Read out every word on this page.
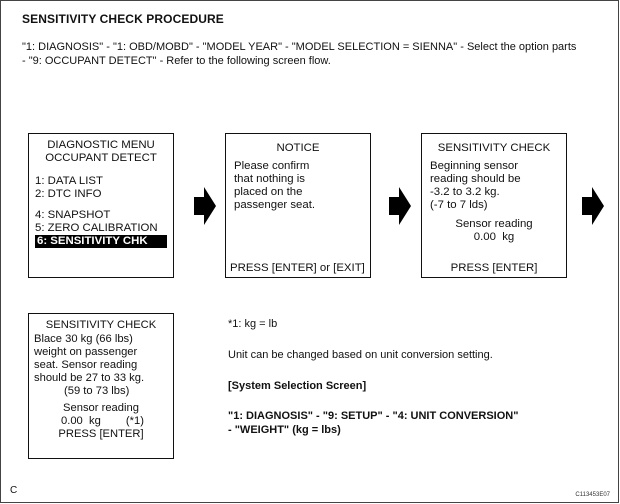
SENSITIVITY CHECK PROCEDURE
"1: DIAGNOSIS" - "1: OBD/MOBD" - "MODEL YEAR" - "MODEL SELECTION = SIENNA" - Select the option parts - "9: OCCUPANT DETECT" - Refer to the following screen flow.
DIAGNOSTIC MENU
OCCUPANT DETECT
1: DATA LIST
2: DTC INFO
4: SNAPSHOT
5: ZERO CALIBRATION
6: SENSITIVITY CHK
NOTICE
Please confirm
that nothing is
placed on the
passenger seat.
PRESS [ENTER] or [EXIT]
SENSITIVITY CHECK
Beginning sensor
reading should be
-3.2 to 3.2 kg.
(-7 to 7 lds)
Sensor reading
0.00  kg
PRESS [ENTER]
SENSITIVITY CHECK
Blace 30 kg (66 lbs)
weight on passenger
seat. Sensor reading
should be 27 to 33 kg.
(59 to 73 lbs)
Sensor reading
0.00  kg (*1)
PRESS [ENTER]
*1: kg = lb
Unit can be changed based on unit conversion setting.
[System Selection Screen]
"1: DIAGNOSIS" - "9: SETUP" - "4: UNIT CONVERSION"
- "WEIGHT" (kg = lbs)
C	C113453E07
